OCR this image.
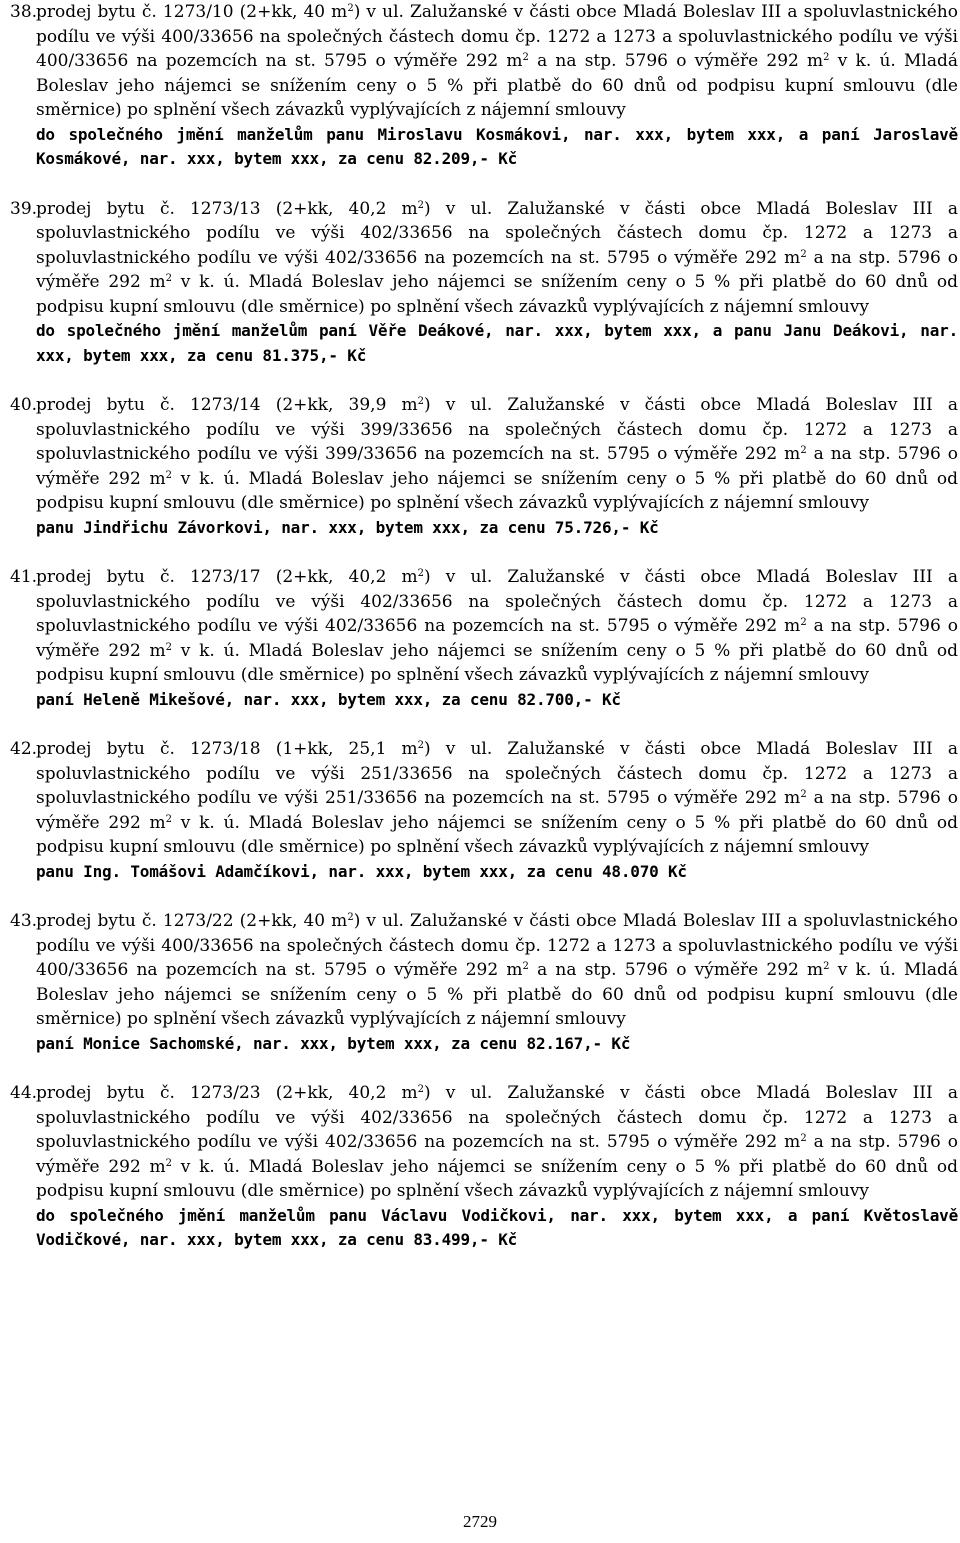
38.
prodej bytu č. 1273/10 (2+kk, 40 $m^2$) v ul. Zalužanské v části obce Mladá Boleslav III a spoluvlastnického podílu ve výši 400/33656 na společných částech domu čp. 1272 a 1273 a spoluvlastnického podílu ve výši 400/33656 na pozemcích na st. 5795 o výměře 292 $m^2$ a na stp. 5796 o výměře 292 $m^2$ v k. ú. Mladá Boleslav jeho nájemci se snížením ceny o 5 % při platbě do 60 dnů od podpisu kupní smlouvu (dle směrnice) po splnění všech závazků vyplývajících z nájemní smlouvy
do společného jmění manželům panu Miroslavu Kosmákovi, nar. xxx, bytem xxx, a paní Jaroslavě Kosmákové, nar. xxx, bytem xxx, za cenu 82.209,- Kč
39.
prodej bytu č. 1273/13 (2+kk, 40,2 $m^2$) v ul. Zalužanské v části obce Mladá Boleslav III a spoluvlastnického podílu ve výši 402/33656 na společných částech domu čp. 1272 a 1273 a spoluvlastnického podílu ve výši 402/33656 na pozemcích na st. 5795 o výměře 292 $m^2$ a na stp. 5796 o výměře 292 $m^2$ v k. ú. Mladá Boleslav jeho nájemci se snížením ceny o 5 % při platbě do 60 dnů od podpisu kupní smlouvu (dle směrnice) po splnění všech závazků vyplývajících z nájemní smlouvy
do společného jmění manželům paní Věře Deákové, nar. xxx, bytem xxx, a panu Janu Deákovi, nar. xxx, bytem xxx, za cenu 81.375,- Kč
40.
prodej bytu č. 1273/14 (2+kk, 39,9 $m^2$) v ul. Zalužanské v části obce Mladá Boleslav III a spoluvlastnického podílu ve výši 399/33656 na společných částech domu čp. 1272 a 1273 a spoluvlastnického podílu ve výši 399/33656 na pozemcích na st. 5795 o výměře 292 $m^2$ a na stp. 5796 o výměře 292 $m^2$ v k. ú. Mladá Boleslav jeho nájemci se snížením ceny o 5 % při platbě do 60 dnů od podpisu kupní smlouvu (dle směrnice) po splnění všech závazků vyplývajících z nájemní smlouvy
panu Jindřichu Závorkovi, nar. xxx, bytem xxx, za cenu 75.726,- Kč
41.
prodej bytu č. 1273/17 (2+kk, 40,2 $m^2$) v ul. Zalužanské v části obce Mladá Boleslav III a spoluvlastnického podílu ve výši 402/33656 na společných částech domu čp. 1272 a 1273 a spoluvlastnického podílu ve výši 402/33656 na pozemcích na st. 5795 o výměře 292 $m^2$ a na stp. 5796 o výměře 292 $m^2$ v k. ú. Mladá Boleslav jeho nájemci se snížením ceny o 5 % při platbě do 60 dnů od podpisu kupní smlouvu (dle směrnice) po splnění všech závazků vyplývajících z nájemní smlouvy
paní Heleně Mikešové, nar. xxx, bytem xxx, za cenu 82.700,- Kč
42.
prodej bytu č. 1273/18 (1+kk, 25,1 $m^2$) v ul. Zalužanské v části obce Mladá Boleslav III a spoluvlastnického podílu ve výši 251/33656 na společných částech domu čp. 1272 a 1273 a spoluvlastnického podílu ve výši 251/33656 na pozemcích na st. 5795 o výměře 292 $m^2$ a na stp. 5796 o výměře 292 $m^2$ v k. ú. Mladá Boleslav jeho nájemci se snížením ceny o 5 % při platbě do 60 dnů od podpisu kupní smlouvu (dle směrnice) po splnění všech závazků vyplývajících z nájemní smlouvy
panu Ing. Tomášovi Adamčíkovi, nar. xxx, bytem xxx, za cenu 48.070 Kč
43.
prodej bytu č. 1273/22 (2+kk, 40 $m^2$) v ul. Zalužanské v části obce Mladá Boleslav III a spoluvlastnického podílu ve výši 400/33656 na společných částech domu čp. 1272 a 1273 a spoluvlastnického podílu ve výši 400/33656 na pozemcích na st. 5795 o výměře 292 $m^2$ a na stp. 5796 o výměře 292 $m^2$ v k. ú. Mladá Boleslav jeho nájemci se snížením ceny o 5 % při platbě do 60 dnů od podpisu kupní smlouvu (dle směrnice) po splnění všech závazků vyplývajících z nájemní smlouvy
paní Monice Sachomské, nar. xxx, bytem xxx, za cenu 82.167,- Kč
44.
prodej bytu č. 1273/23 (2+kk, 40,2 $m^2$) v ul. Zalužanské v části obce Mladá Boleslav III a spoluvlastnického podílu ve výši 402/33656 na společných částech domu čp. 1272 a 1273 a spoluvlastnického podílu ve výši 402/33656 na pozemcích na st. 5795 o výměře 292 $m^2$ a na stp. 5796 o výměře 292 $m^2$ v k. ú. Mladá Boleslav jeho nájemci se snížením ceny o 5 % při platbě do 60 dnů od podpisu kupní smlouvu (dle směrnice) po splnění všech závazků vyplývajících z nájemní smlouvy
do společného jmění manželům panu Václavu Vodičkovi, nar. xxx, bytem xxx, a paní Květoslavě Vodičkové, nar. xxx, bytem xxx, za cenu 83.499,- Kč
2729
